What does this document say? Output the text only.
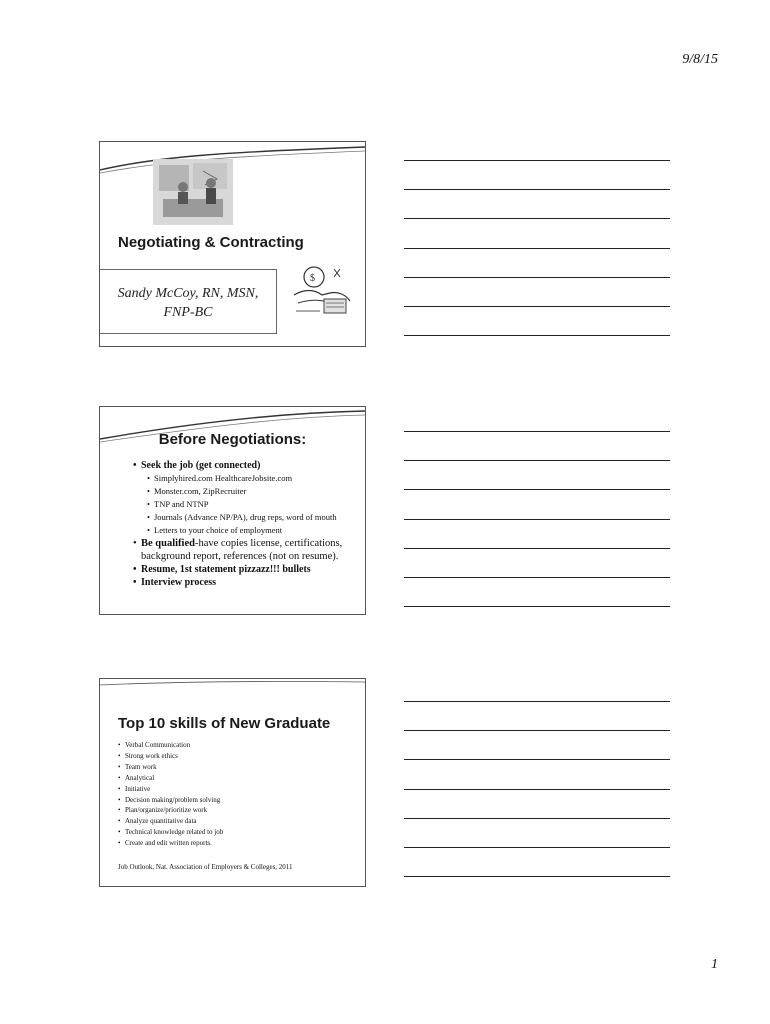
9/8/15
Negotiating & Contracting
Sandy McCoy, RN, MSN,
FNP-BC
$
Before Negotiations:
• Seek the job (get connected)
• Simplyhired.com HealthcareJobsite.com
• Monster.com, ZipRecruiter
• TNP and NTNP
• Journals (Advance NP/PA), drug reps, word of mouth
• Letters to your choice of employment
• Be qualified-have copies license, certifications,
background report, references (not on resume).
• Resume, 1st statement pizzazz!!! bullets
• Interview process
Top 10 skills of New Graduate
• Verbal Communication
• Strong work ethics
• Team work
• Analytical
• Initiative
• Decision making/problem solving
• Plan/organize/prioritize work
• Analyze quantitative data
• Technical knowledge related to job
• Create and edit written reports.
Job Outlook, Nat. Association of Employers & Colleges, 2011
1
